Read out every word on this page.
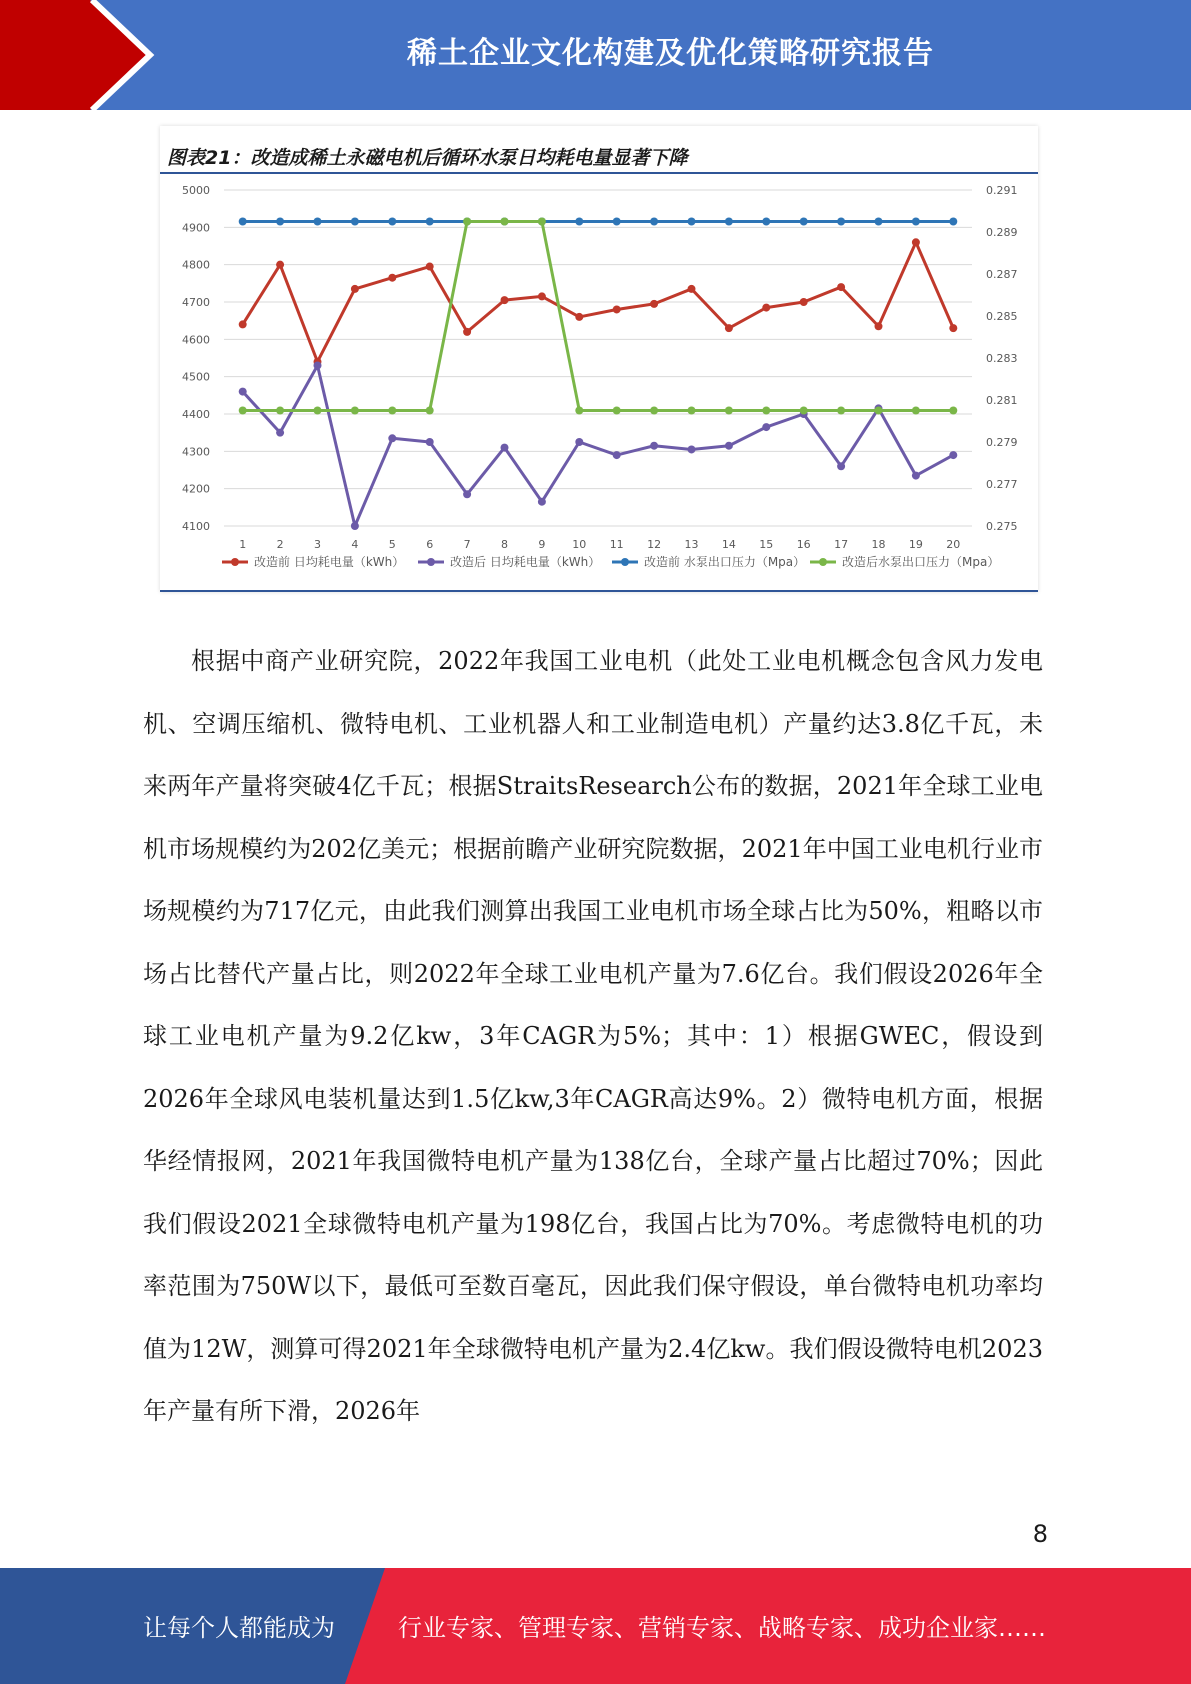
稀土企业文化构建及优化策略研究报告
图表21：改造成稀土永磁电机后循环水泵日均耗电量显著下降
4100
4200
4300
4400
4500
4600
4700
4800
4900
5000
0.275
0.277
0.279
0.281
0.283
0.285
0.287
0.289
0.291
1	2	3	4	5	6	7	8	9 10 11 12 13 14 15 16 17 18 19 20
改造前 日均耗电量（kWh）	改造后 日均耗电量（kWh）	改造前 水泵出口压力（Mpa）	改造后水泵出口压力（Mpa）

根据中商产业研究院，2022年我国工业电机（此处工业电机概念包含风力发电机、空调压缩机、微特电机、工业机器人和工业制造电机）产量约达3.8亿千瓦，未来两年产量将突破4亿千瓦；根据StraitsResearch公布的数据，2021年全球工业电机市场规模约为202亿美元；根据前瞻产业研究院数据，2021年中国工业电机行业市场规模约为717亿元，由此我们测算出我国工业电机市场全球占比为50%，粗略以市场占比替代产量占比，则2022年全球工业电机产量为7.6亿台。我们假设2026年全球工业电机产量为9.2亿kw，3年CAGR为5%；其中：1）根据GWEC，假设到2026年全球风电装机量达到1.5亿kw,3年CAGR高达9%。2）微特电机方面，根据华经情报网，2021年我国微特电机产量为138亿台，全球产量占比超过70%；因此我们假设2021全球微特电机产量为198亿台，我国占比为70%。考虑微特电机的功率范围为750W以下，最低可至数百毫瓦，因此我们保守假设，单台微特电机功率均值为12W，测算可得2021年全球微特电机产量为2.4亿kw。我们假设微特电机2023年产量有所下滑，2026年

8
让每个人都能成为	行业专家、管理专家、营销专家、战略专家、成功企业家……
